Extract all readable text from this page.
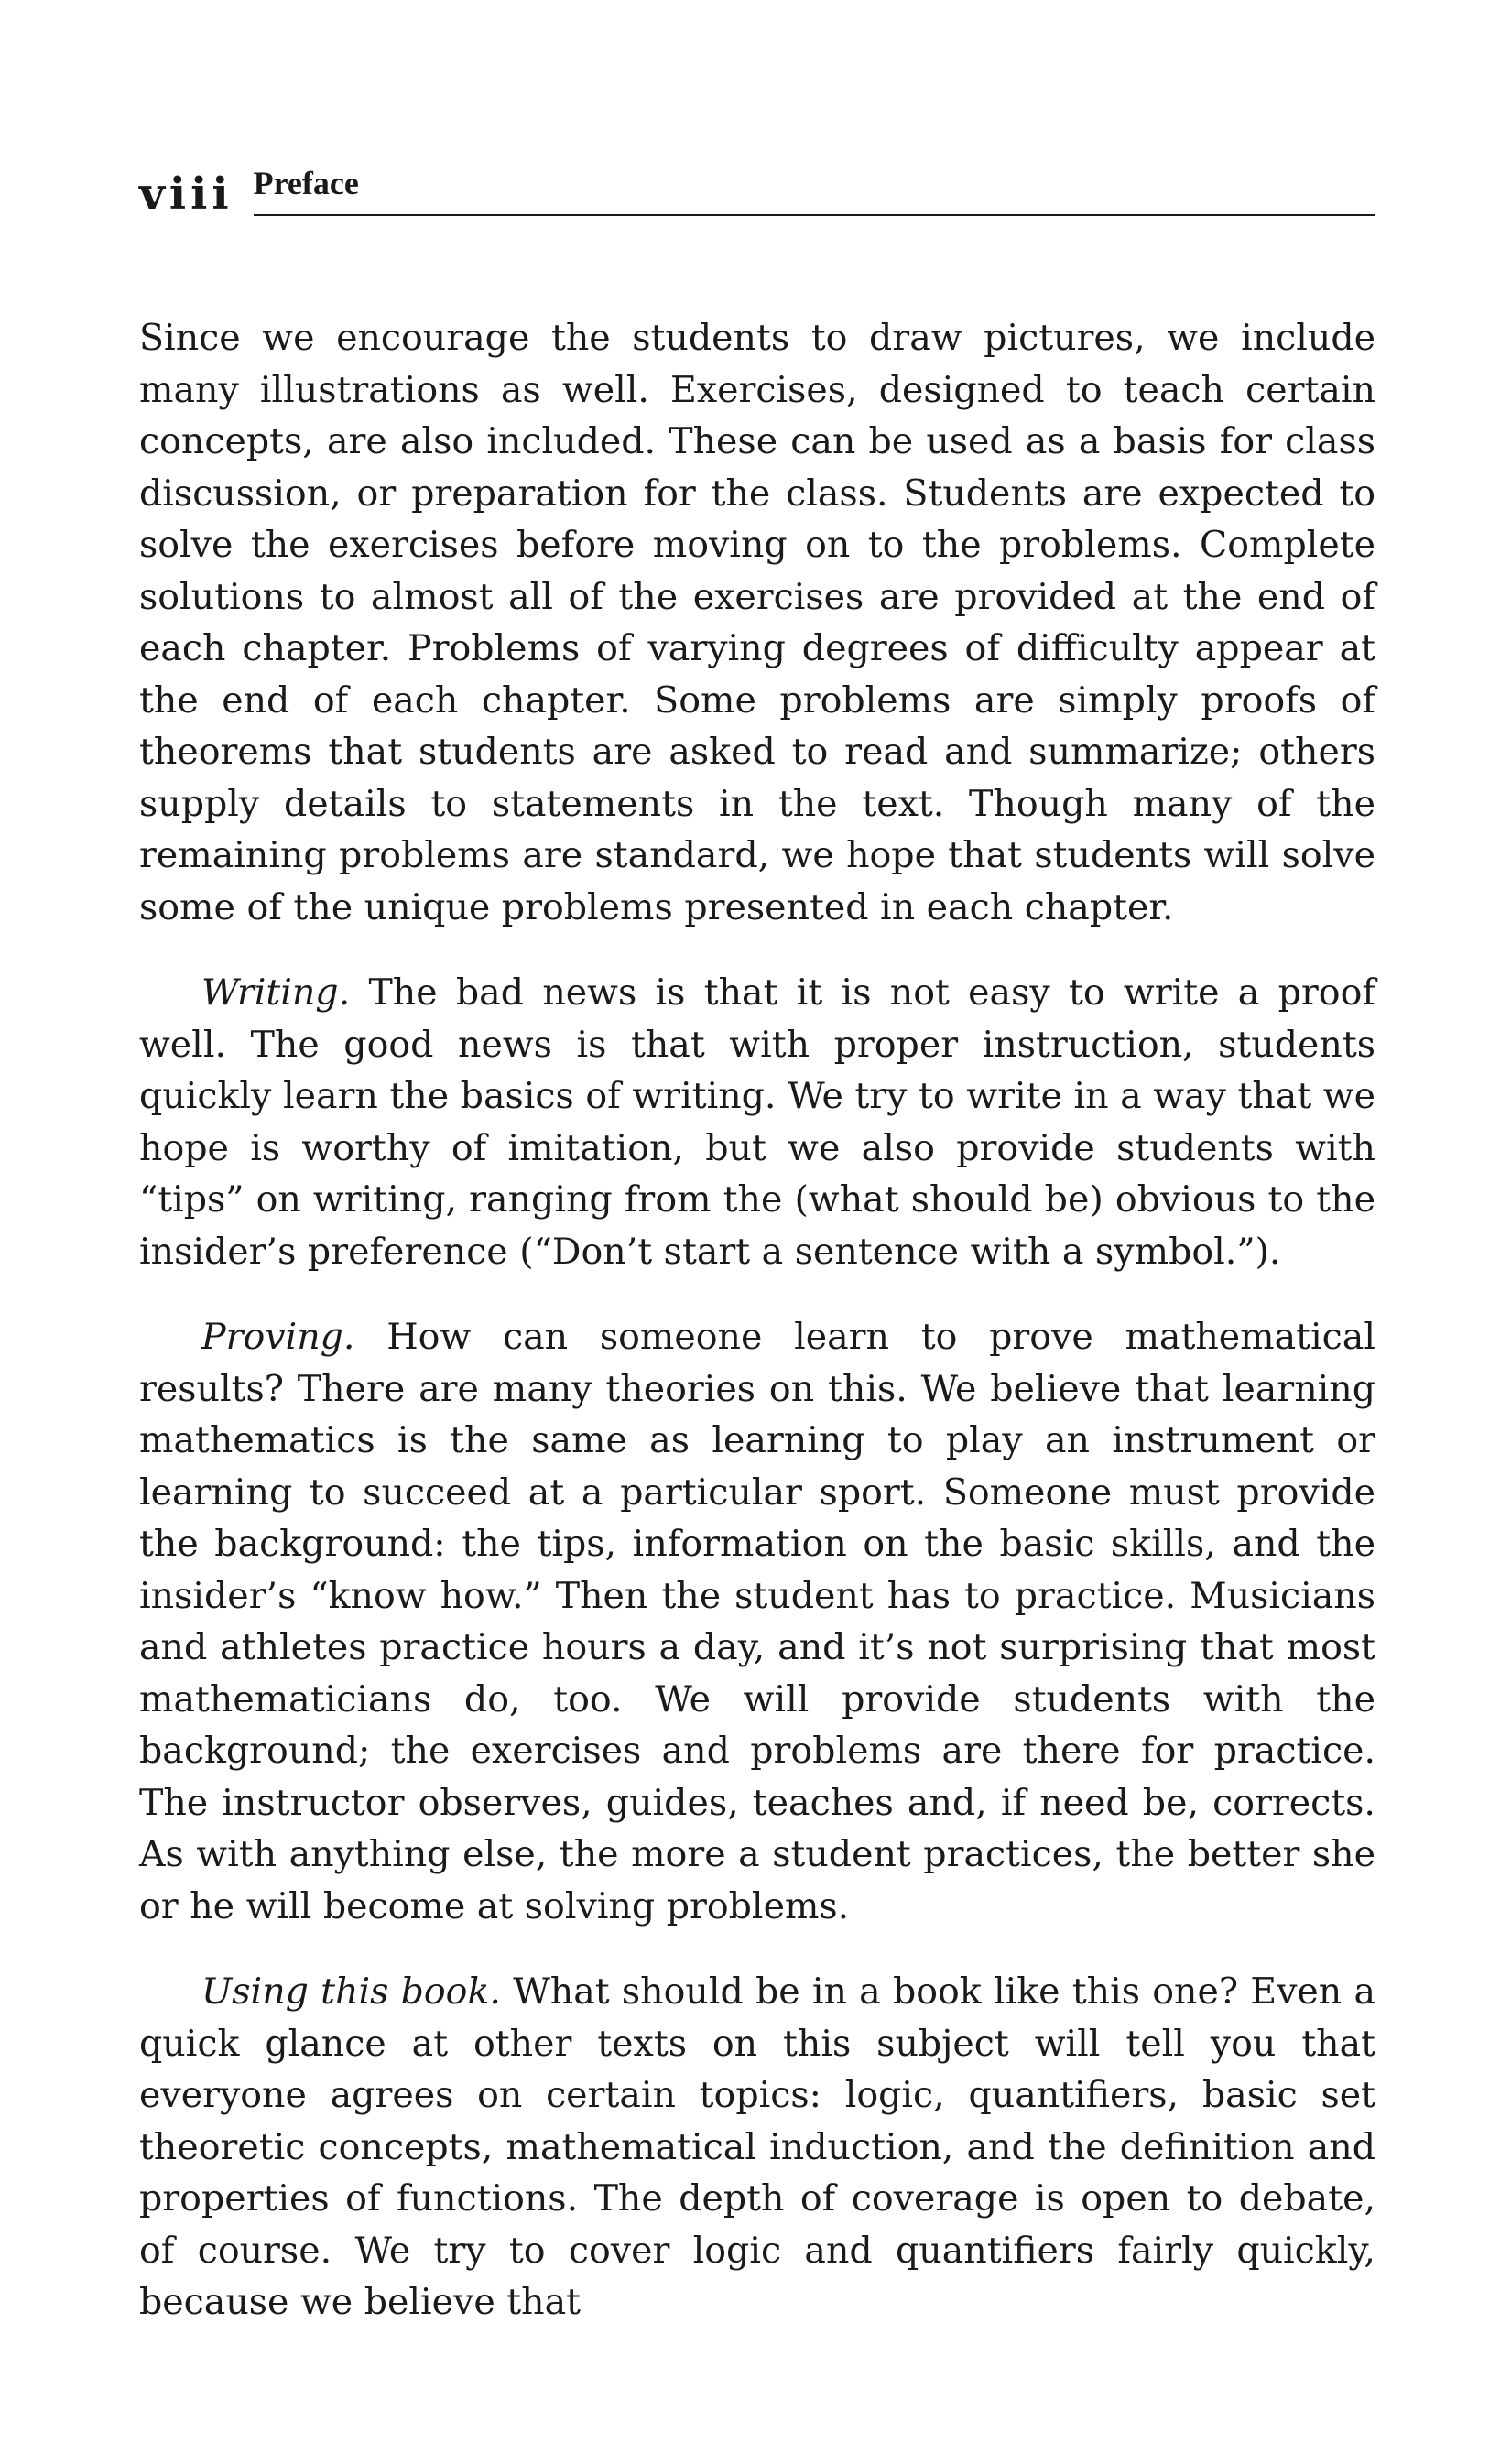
viii Preface

Since we encourage the students to draw pictures, we include many illustrations as well. Exercises, designed to teach certain concepts, are also included. These can be used as a basis for class discussion, or preparation for the class. Students are expected to solve the exercises before moving on to the problems. Complete solutions to almost all of the exercises are provided at the end of each chapter. Problems of varying degrees of difficulty appear at the end of each chapter. Some problems are simply proofs of theorems that students are asked to read and summarize; others supply details to statements in the text. Though many of the remaining problems are standard, we hope that students will solve some of the unique problems presented in each chapter.

Writing. The bad news is that it is not easy to write a proof well. The good news is that with proper instruction, students quickly learn the basics of writing. We try to write in a way that we hope is worthy of imitation, but we also provide students with “tips” on writing, ranging from the (what should be) obvious to the insider’s preference (“Don’t start a sentence with a symbol.”).

Proving. How can someone learn to prove mathematical results? There are many theories on this. We believe that learning mathematics is the same as learning to play an instrument or learning to succeed at a particular sport. Someone must provide the background: the tips, information on the basic skills, and the insider’s “know how.” Then the student has to practice. Musicians and athletes practice hours a day, and it’s not surprising that most mathematicians do, too. We will provide students with the background; the exercises and problems are there for practice. The instructor observes, guides, teaches and, if need be, corrects. As with anything else, the more a student practices, the better she or he will become at solving problems.

Using this book. What should be in a book like this one? Even a quick glance at other texts on this subject will tell you that everyone agrees on certain topics: logic, quantifiers, basic set theoretic concepts, mathematical induction, and the definition and properties of functions. The depth of coverage is open to debate, of course. We try to cover logic and quantifiers fairly quickly, because we believe that
